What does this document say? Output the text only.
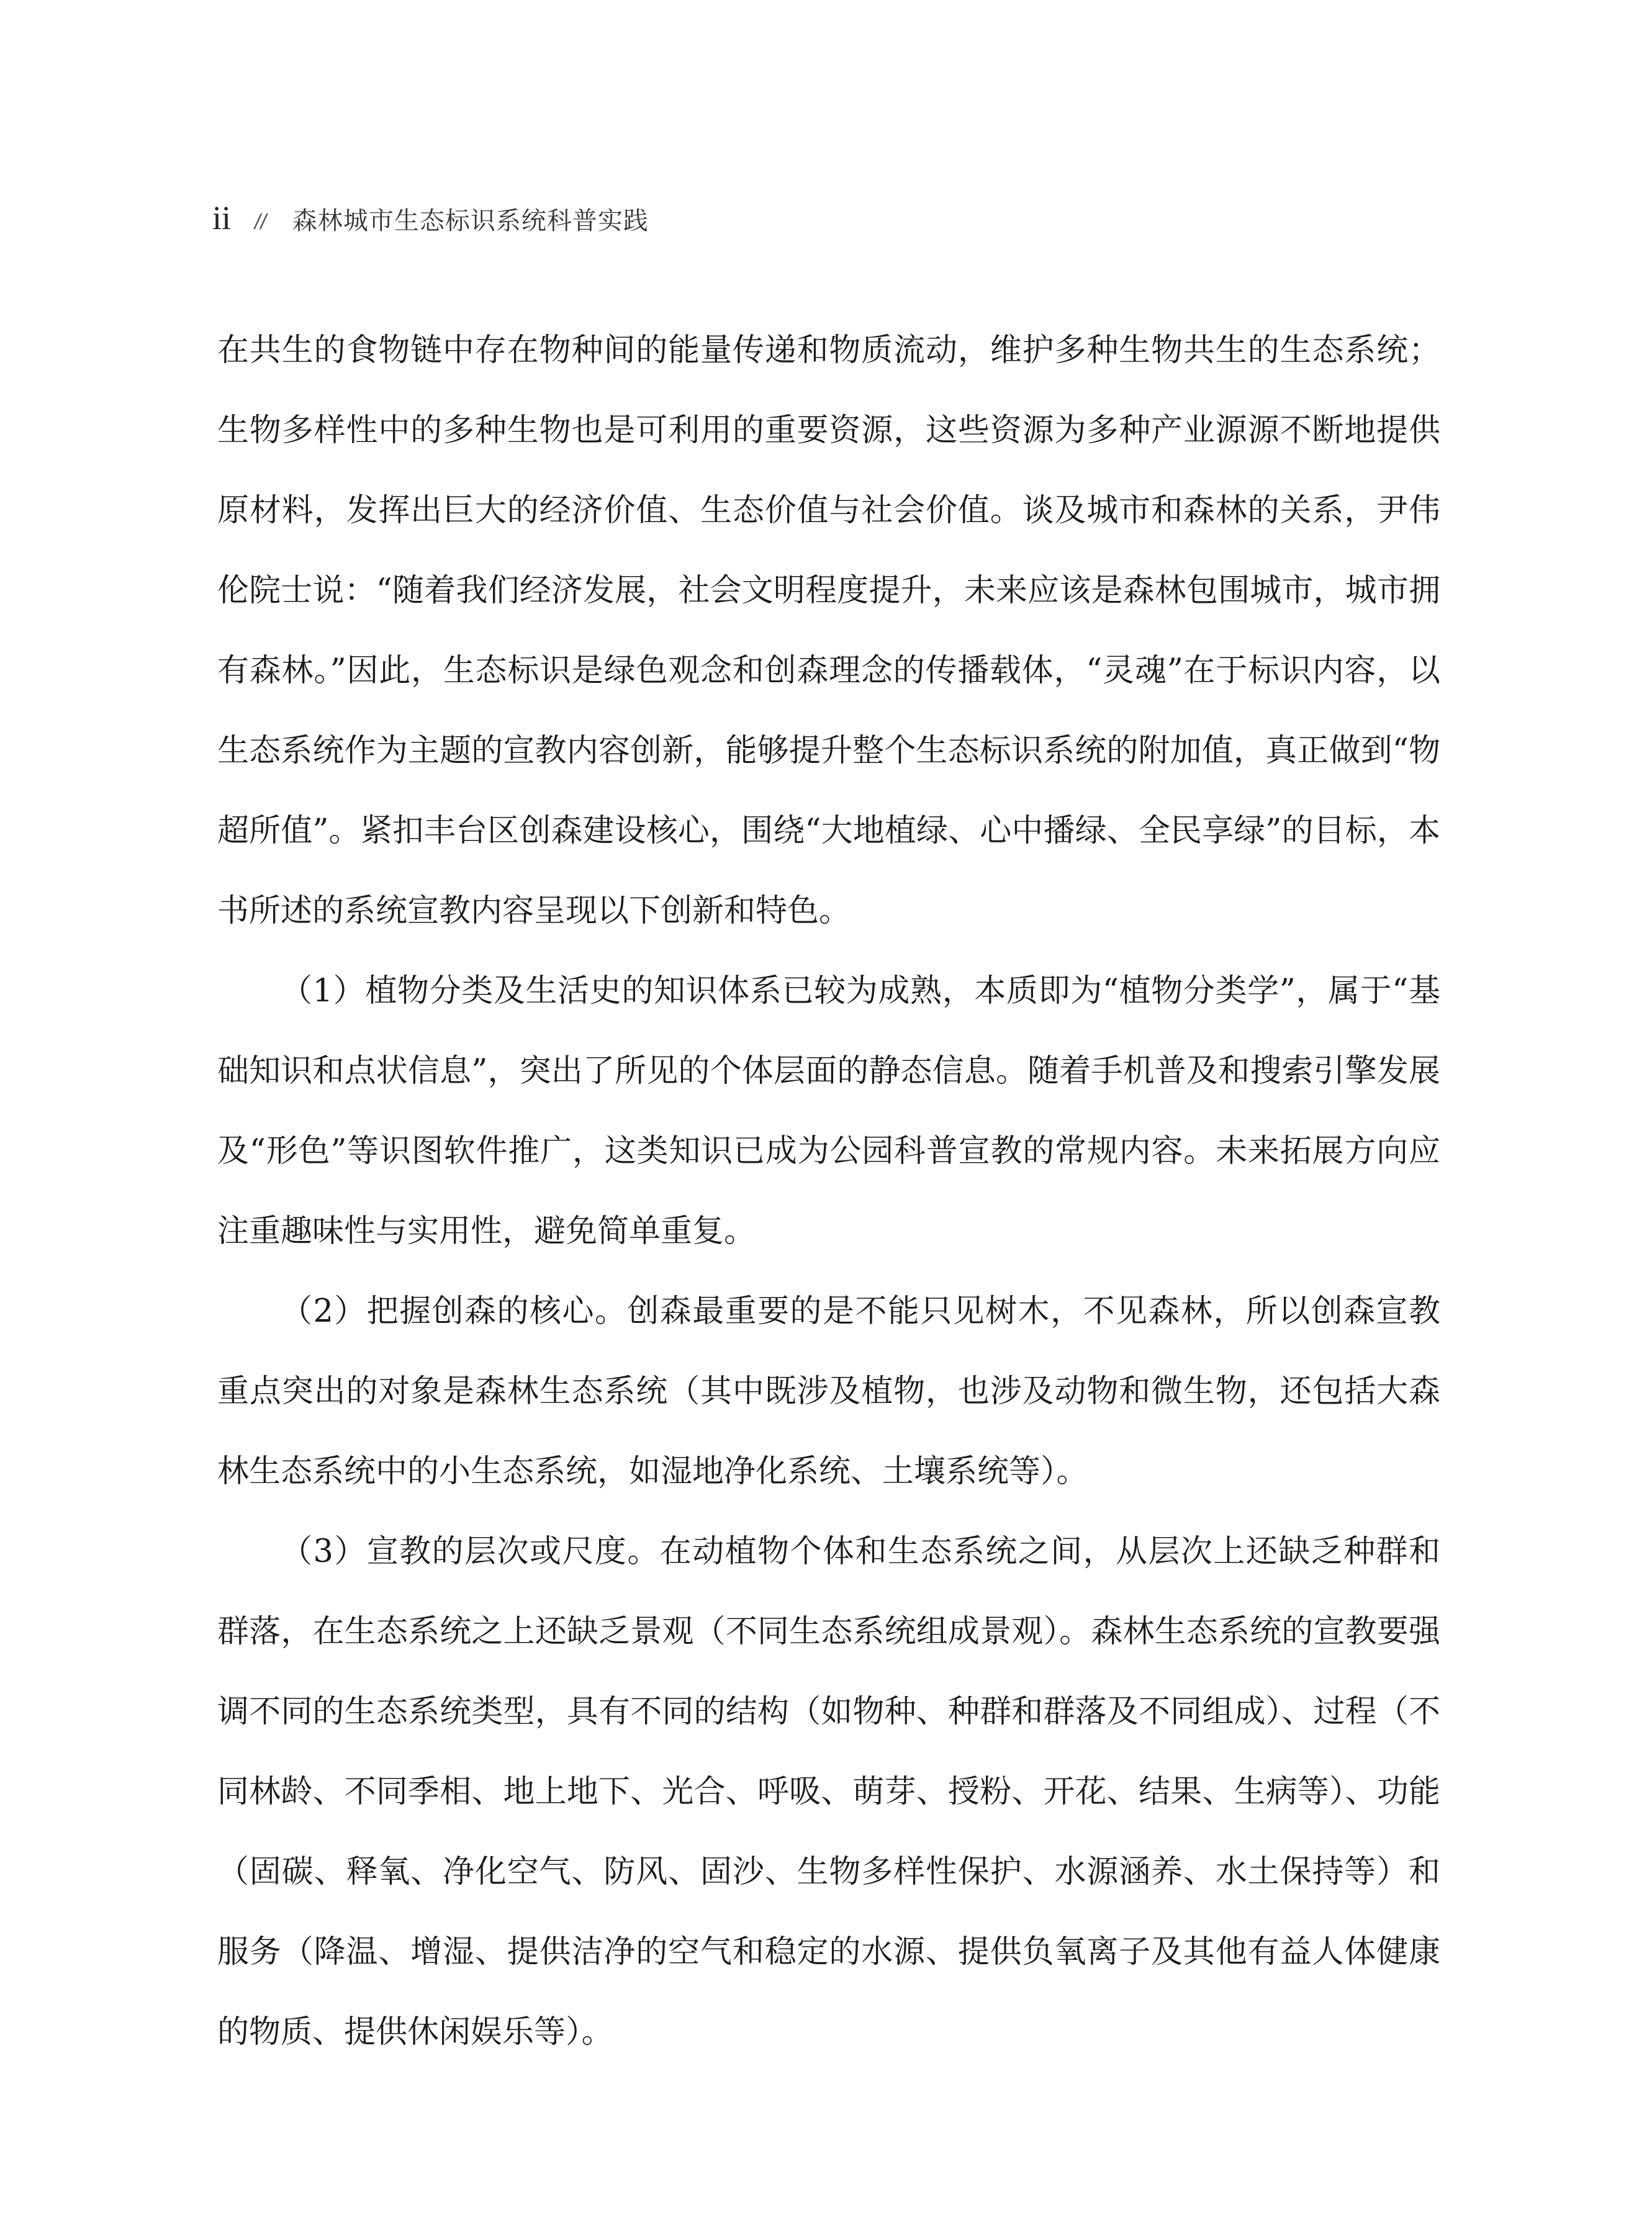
ii // 森林城市生态标识系统科普实践

在共生的食物链中存在物种间的能量传递和物质流动，维护多种生物共生的生态系统；生物多样性中的多种生物也是可利用的重要资源，这些资源为多种产业源源不断地提供原材料，发挥出巨大的经济价值、生态价值与社会价值。谈及城市和森林的关系，尹伟伦院士说：“随着我们经济发展，社会文明程度提升，未来应该是森林包围城市，城市拥有森林。”因此，生态标识是绿色观念和创森理念的传播载体，“灵魂”在于标识内容，以生态系统作为主题的宣教内容创新，能够提升整个生态标识系统的附加值，真正做到“物超所值”。紧扣丰台区创森建设核心，围绕“大地植绿、心中播绿、全民享绿”的目标，本书所述的系统宣教内容呈现以下创新和特色。

（1）植物分类及生活史的知识体系已较为成熟，本质即为“植物分类学”，属于“基础知识和点状信息”，突出了所见的个体层面的静态信息。随着手机普及和搜索引擎发展及“形色”等识图软件推广，这类知识已成为公园科普宣教的常规内容。未来拓展方向应注重趣味性与实用性，避免简单重复。

（2）把握创森的核心。创森最重要的是不能只见树木，不见森林，所以创森宣教重点突出的对象是森林生态系统（其中既涉及植物，也涉及动物和微生物，还包括大森林生态系统中的小生态系统，如湿地净化系统、土壤系统等）。

（3）宣教的层次或尺度。在动植物个体和生态系统之间，从层次上还缺乏种群和群落，在生态系统之上还缺乏景观（不同生态系统组成景观）。森林生态系统的宣教要强调不同的生态系统类型，具有不同的结构（如物种、种群和群落及不同组成）、过程（不同林龄、不同季相、地上地下、光合、呼吸、萌芽、授粉、开花、结果、生病等）、功能（固碳、释氧、净化空气、防风、固沙、生物多样性保护、水源涵养、水土保持等）和服务（降温、增湿、提供洁净的空气和稳定的水源、提供负氧离子及其他有益人体健康的物质、提供休闲娱乐等）。
